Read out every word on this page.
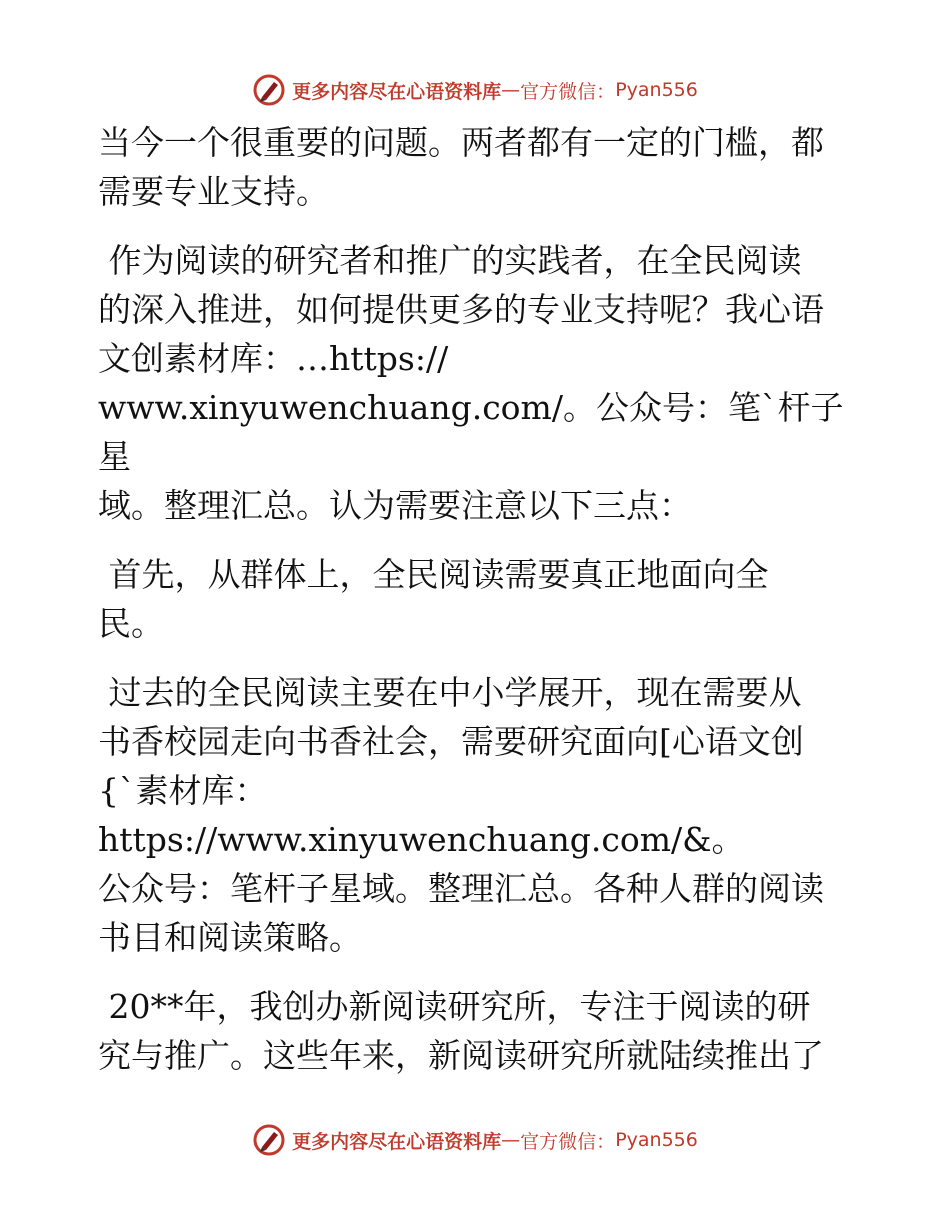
更多内容尽在心语资料库 — 官方微信： Pyan556

当今一个很重要的问题。两者都有一定的门槛，都
需要专业支持。

作为阅读的研究者和推广的实践者，在全民阅读
的深入推进，如何提供更多的专业支持呢？我心语
文创素材库：…https://
www.xinyuwenchuang.com/。公众号：笔`杆子星
域。整理汇总。认为需要注意以下三点：

首先，从群体上，全民阅读需要真正地面向全
民。

过去的全民阅读主要在中小学展开，现在需要从
书香校园走向书香社会，需要研究面向[心语文创
{`素材库：https://www.xinyuwenchuang.com/&。
公众号：笔杆子星域。整理汇总。各种人群的阅读
书目和阅读策略。

20**年，我创办新阅读研究所，专注于阅读的研
究与推广。这些年来，新阅读研究所就陆续推出了

更多内容尽在心语资料库 — 官方微信： Pyan556
